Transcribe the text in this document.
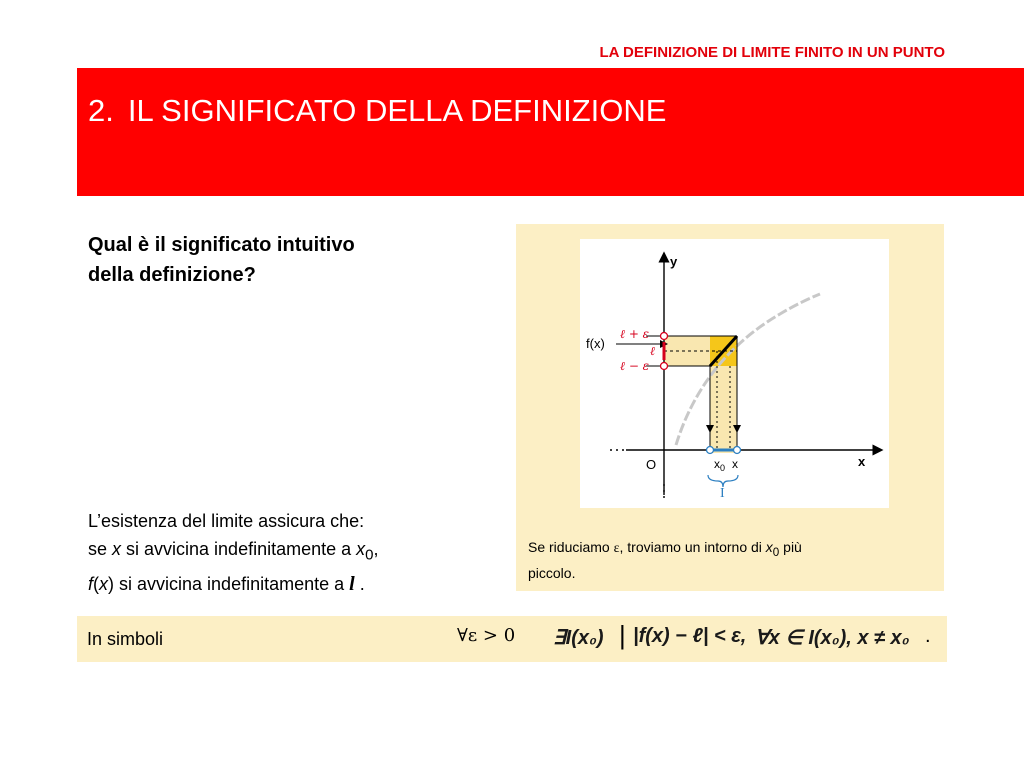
LA DEFINIZIONE DI LIMITE FINITO IN UN PUNTO
2. IL SIGNIFICATO DELLA DEFINIZIONE
Qual è il significato intuitivo
della definizione?
L’esistenza del limite assicura che:
se x si avvicina indefinitamente a $x_0$,
f(x) si avvicina indefinitamente a l .
y
x
O
f(x)
ℓ + ε
ℓ
ℓ − ε
$x_0$ x
I
Se riduciamo ε, troviamo un intorno di $x_0$ più
piccolo.
In simboli	∀ε > 0 ∃I(x₀) | |f(x) − ℓ| < ε, ∀x ∈ I(x₀), x ≠ x₀ .
